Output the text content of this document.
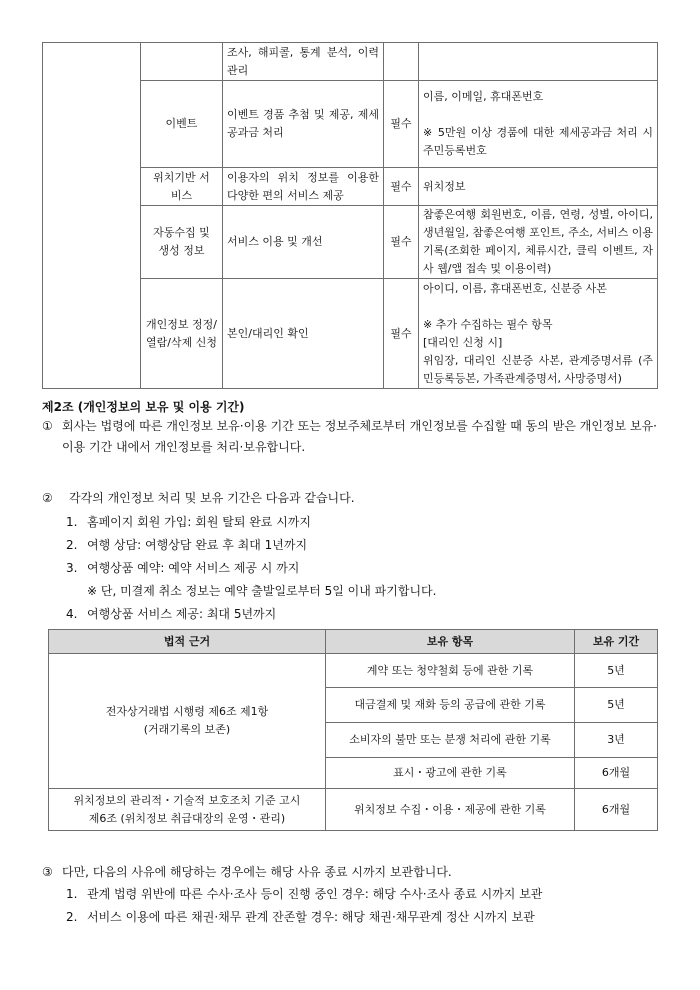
		조사, 해피콜, 통계 분석, 이력 관리		
	이벤트	이벤트 경품 추첨 및 제공, 제세공과금 처리	필수	이름, 이메일, 휴대폰번호
※ 5만원 이상 경품에 대한 제세공과금 처리 시 주민등록번호

	위치기반 서비스	이용자의 위치 정보를 이용한 다양한 편의 서비스 제공	필수	위치정보
	자동수집 및 생성 정보	서비스 이용 및 개선	필수	참좋은여행 회원번호, 이름, 연령, 성별, 아이디, 생년월일, 참좋은여행 포인트, 주소, 서비스 이용 기록(조회한 페이지, 체류시간, 클릭 이벤트, 자사 웹/앱 접속 및 이용이력)
	개인정보 정정/열람/삭제 신청	본인/대리인 확인	필수	아이디, 이름, 휴대폰번호, 신분증 사본
※ 추가 수집하는 필수 항목
[대리인 신청 시]
위임장, 대리인 신분증 사본, 관계증명서류 (주민등록등본, 가족관계증명서, 사망증명서)
제2조 (개인정보의 보유 및 이용 기간)
① 회사는 법령에 따른 개인정보 보유·이용 기간 또는 정보주체로부터 개인정보를 수집할 때 동의 받은 개인정보 보유·이용 기간 내에서 개인정보를 처리·보유합니다.
② 각각의 개인정보 처리 및 보유 기간은 다음과 같습니다.
1. 홈페이지 회원 가입: 회원 탈퇴 완료 시까지
2. 여행 상담: 여행상담 완료 후 최대 1년까지
3. 여행상품 예약: 예약 서비스 제공 시 까지
※ 단, 미결제 취소 정보는 예약 출발일로부터 5일 이내 파기합니다.
4. 여행상품 서비스 제공: 최대 5년까지
법적 근거	보유 항목	보유 기간

전자상거래법 시행령 제6조 제1항
(거래기록의 보존)	계약 또는 청약철회 등에 관한 기록	5년
	대금결제 및 재화 등의 공급에 관한 기록	5년
	소비자의 불만 또는 분쟁 처리에 관한 기록	3년
	표시・광고에 관한 기록	6개월

위치정보의 관리적・기술적 보호조치 기준 고시
제6조 (위치정보 취급대장의 운영・관리)	위치정보 수집・이용・제공에 관한 기록	6개월
③ 다만, 다음의 사유에 해당하는 경우에는 해당 사유 종료 시까지 보관합니다.
1. 관계 법령 위반에 따른 수사·조사 등이 진행 중인 경우: 해당 수사·조사 종료 시까지 보관
2. 서비스 이용에 따른 채권·채무 관계 잔존할 경우: 해당 채권·채무관계 정산 시까지 보관
